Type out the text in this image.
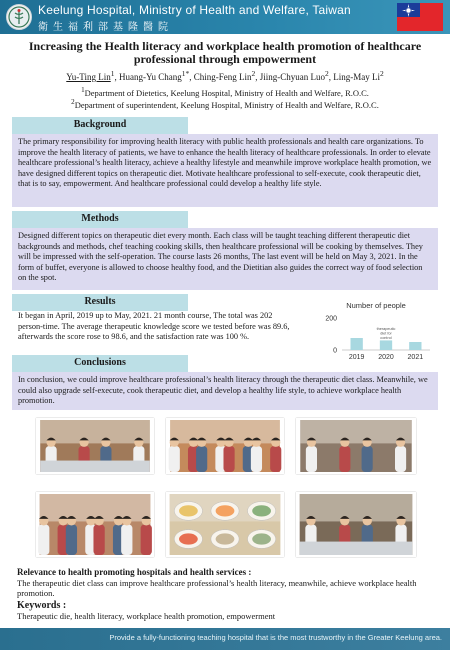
Keelung Hospital, Ministry of Health and Welfare, Taiwan
衛生福利部基隆醫院
Increasing the Health literacy and workplace health promotion of healthcare professional through empowerment
Yu-Ting Lin$^1$, Huang-Yu Chang$^{1*}$, Ching-Feng Lin$^2$, Jiing-Chyuan Luo$^2$, Ling-May Li$^2$
$^1$Department of Dietetics, Keelung Hospital, Ministry of Health and Welfare, R.O.C.
$^2$Department of superintendent, Keelung Hospital, Ministry of Health and Welfare, R.O.C.
Background
The primary responsibility for improving health literacy with public health professionals and health care organizations. To improve the health literacy of patients, we have to enhance the health literacy of healthcare professionals. In order to elevate healthcare professional’s health literacy, achieve a healthy lifestyle and meanwhile improve workplace health promotion, we have designed different topics on therapeutic diet. Motivate healthcare professional to self-execute, cook therapeutic diet, that is to say, empowerment. And healthcare professional could develop a healthy life style.
Methods
Designed different topics on therapeutic diet every month. Each class will be taught teaching different therapeutic diet backgrounds and methods, chef teaching cooking skills, then healthcare professional will be cooking by themselves. They will be impressed with the self-operation. The course lasts 26 months, The last event will be held on May 3, 2021. In the form of buffet, everyone is allowed to choose healthy food, and the Dietitian also guides the correct way of food selection on the spot.
Results
It began in April, 2019 up to May, 2021. 21 month course, The total was 202 person-time. The average therapeutic knowledge score we tested before was 89.6, afterwards the score rose to 98.6, and the satisfaction rate was 100 %.
Number of people
0
200
2019 2020 2021
therapeutic
diet for
control
Conclusions
In conclusion, we could improve healthcare professional’s health literacy through the therapeutic diet class. Meanwhile, we could also upgrade self-execute, cook therapeutic diet, and develop a healthy life style, to achieve workplace health promotion.
Relevance to health promoting hospitals and health services :
The therapeutic diet class can improve healthcare professional’s health literacy, meanwhile, achieve workplace health promotion.
Keywords :
Therapeutic die, health literacy, workplace health promotion, empowerment
Provide a fully-functioning teaching hospital that is the most trustworthy in the Greater Keelung area.
